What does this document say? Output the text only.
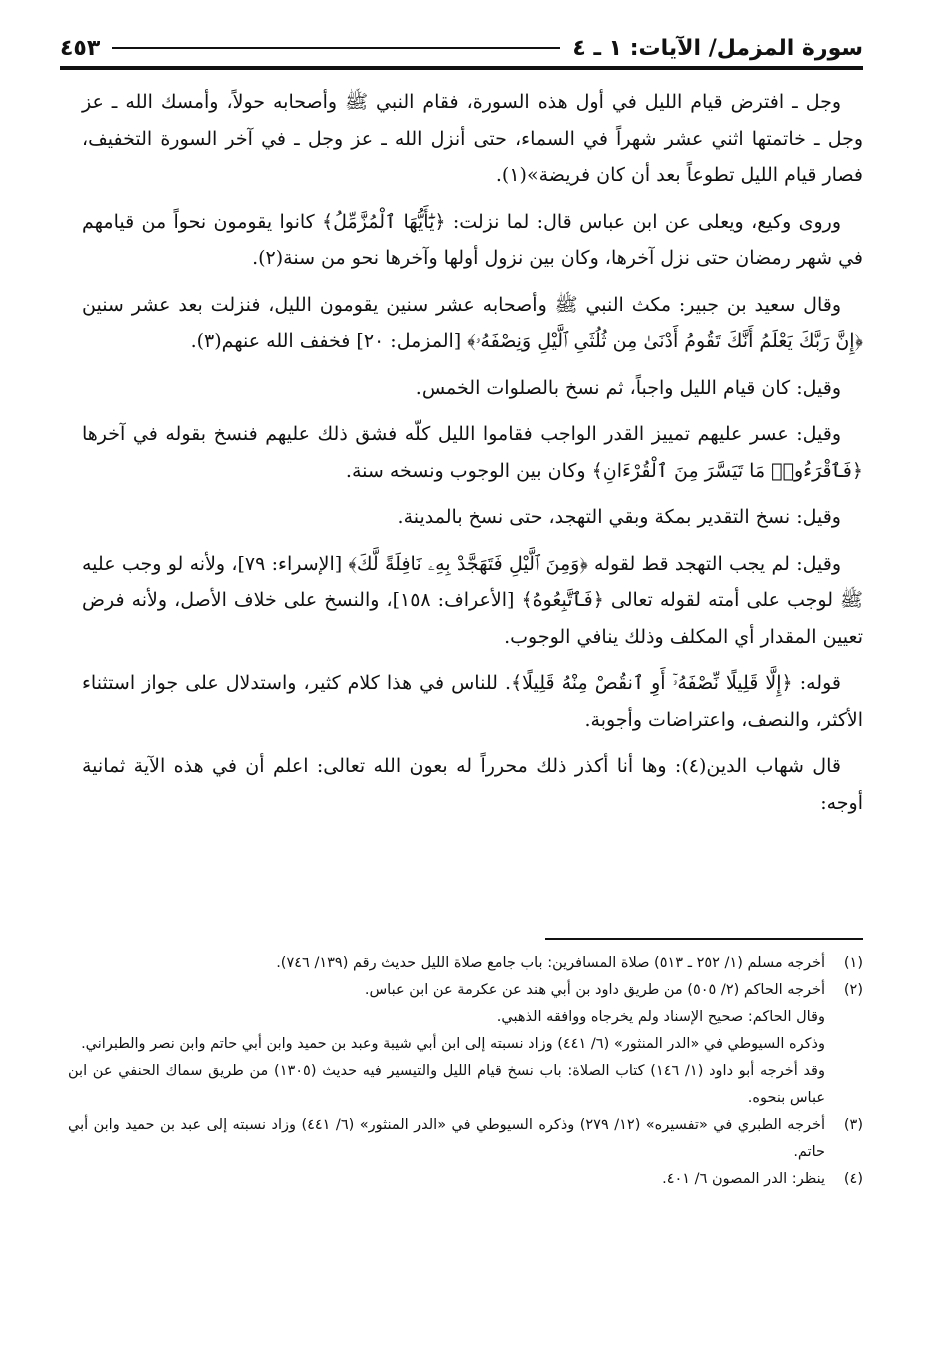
سورة المزمل/ الآيات: ١ ـ ٤
٤٥٣

وجل ـ افترض قيام الليل في أول هذه السورة، فقام النبي ﷺ وأصحابه حولاً، وأمسك الله ـ عز وجل ـ خاتمتها اثني عشر شهراً في السماء، حتى أنزل الله ـ عز وجل ـ في آخر السورة التخفيف، فصار قيام الليل تطوعاً بعد أن كان فريضة»(١).

وروى وكيع، ويعلى عن ابن عباس قال: لما نزلت: ﴿يَٰٓأَيُّهَا ٱلْمُزَّمِّلُ﴾ كانوا يقومون نحواً من قيامهم في شهر رمضان حتى نزل آخرها، وكان بين نزول أولها وآخرها نحو من سنة(٢).

وقال سعيد بن جبير: مكث النبي ﷺ وأصحابه عشر سنين يقومون الليل، فنزلت بعد عشر سنين ﴿إِنَّ رَبَّكَ يَعْلَمُ أَنَّكَ تَقُومُ أَدْنَىٰ مِن ثُلُثَىِ ٱلَّيْلِ وَنِصْفَهُۥ﴾ [المزمل: ٢٠] فخفف الله عنهم(٣).

وقيل: كان قيام الليل واجباً، ثم نسخ بالصلوات الخمس.

وقيل: عسر عليهم تمييز القدر الواجب فقاموا الليل كلّه فشق ذلك عليهم فنسخ بقوله في آخرها ﴿فَٱقْرَءُوا۟ مَا تَيَسَّرَ مِنَ ٱلْقُرْءَانِ﴾ وكان بين الوجوب ونسخه سنة.

وقيل: نسخ التقدير بمكة وبقي التهجد، حتى نسخ بالمدينة.

وقيل: لم يجب التهجد قط لقوله ﴿وَمِنَ ٱلَّيْلِ فَتَهَجَّدْ بِهِۦ نَافِلَةً لَّكَ﴾ [الإسراء: ٧٩]، ولأنه لو وجب عليه ﷺ لوجب على أمته لقوله تعالى ﴿فَٱتَّبِعُوهُ﴾ [الأعراف: ١٥٨]، والنسخ على خلاف الأصل، ولأنه فرض تعيين المقدار أي المكلف وذلك ينافي الوجوب.

قوله: ﴿إِلَّا قَلِيلًا نِّصْفَهُۥٓ أَوِ ٱنقُصْ مِنْهُ قَلِيلًا﴾. للناس في هذا كلام كثير، واستدلال على جواز استثناء الأكثر، والنصف، واعتراضات وأجوبة.

قال شهاب الدين(٤): وها أنا أكذر ذلك محرراً له بعون الله تعالى: اعلم أن في هذه الآية ثمانية أوجه:

(١)
أخرجه مسلم (١/ ٢٥٢ ـ ٥١٣) صلاة المسافرين: باب جامع صلاة الليل حديث رقم (١٣٩/ ٧٤٦).
(٢)
أخرجه الحاكم (٢/ ٥٠٥) من طريق داود بن أبي هند عن عكرمة عن ابن عباس.
وقال الحاكم: صحيح الإسناد ولم يخرجاه ووافقه الذهبي.
وذكره السيوطي في «الدر المنثور» (٦/ ٤٤١) وزاد نسبته إلى ابن أبي شيبة وعبد بن حميد وابن أبي حاتم وابن نصر والطبراني.
وقد أخرجه أبو داود (١/ ١٤٦) كتاب الصلاة: باب نسخ قيام الليل والتيسير فيه حديث (١٣٠٥) من طريق سماك الحنفي عن ابن عباس بنحوه.
(٣)
أخرجه الطبري في «تفسيره» (١٢/ ٢٧٩) وذكره السيوطي في «الدر المنثور» (٦/ ٤٤١) وزاد نسبته إلى عبد بن حميد وابن أبي حاتم.
(٤)
ينظر: الدر المصون ٦/ ٤٠١.
